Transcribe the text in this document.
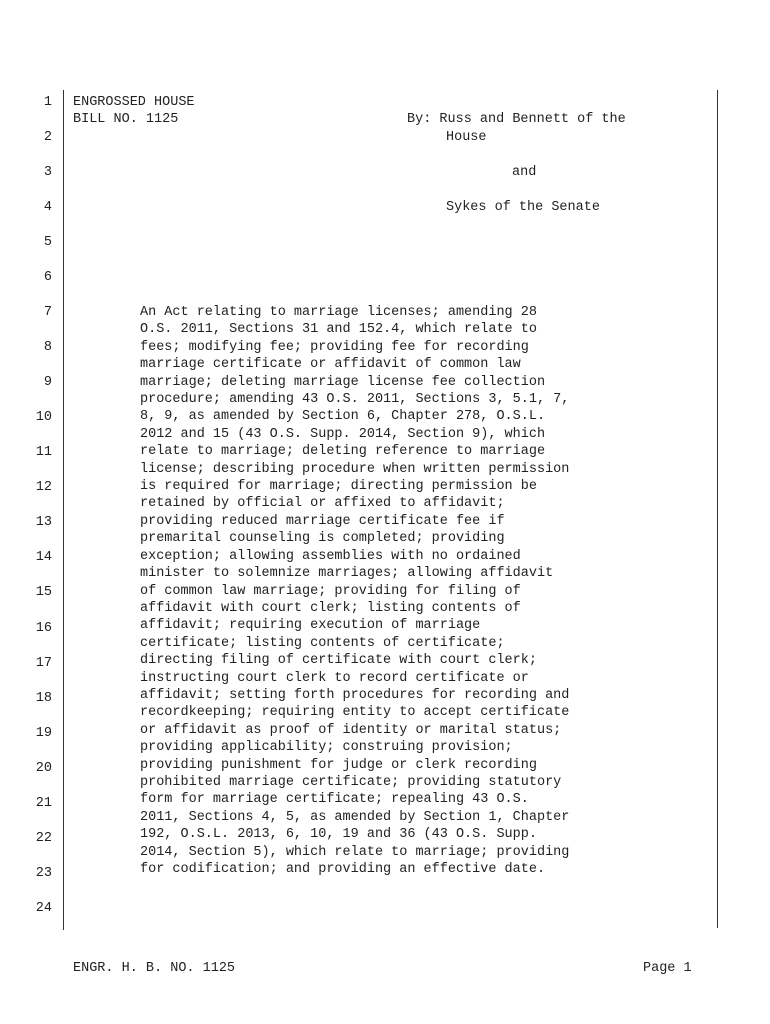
1
2
3
4
5
6
7
8
9
10
11
12
13
14
15
16
17
18
19
20
21
22
23
24
ENGROSSED HOUSE
BILL NO. 1125	By: Russ and Bennett of the
House
and
Sykes of the Senate
An Act relating to marriage licenses; amending 28
O.S. 2011, Sections 31 and 152.4, which relate to
fees; modifying fee; providing fee for recording
marriage certificate or affidavit of common law
marriage; deleting marriage license fee collection
procedure; amending 43 O.S. 2011, Sections 3, 5.1, 7,
8, 9, as amended by Section 6, Chapter 278, O.S.L.
2012 and 15 (43 O.S. Supp. 2014, Section 9), which
relate to marriage; deleting reference to marriage
license; describing procedure when written permission
is required for marriage; directing permission be
retained by official or affixed to affidavit;
providing reduced marriage certificate fee if
premarital counseling is completed; providing
exception; allowing assemblies with no ordained
minister to solemnize marriages; allowing affidavit
of common law marriage; providing for filing of
affidavit with court clerk; listing contents of
affidavit; requiring execution of marriage
certificate; listing contents of certificate;
directing filing of certificate with court clerk;
instructing court clerk to record certificate or
affidavit; setting forth procedures for recording and
recordkeeping; requiring entity to accept certificate
or affidavit as proof of identity or marital status;
providing applicability; construing provision;
providing punishment for judge or clerk recording
prohibited marriage certificate; providing statutory
form for marriage certificate; repealing 43 O.S.
2011, Sections 4, 5, as amended by Section 1, Chapter
192, O.S.L. 2013, 6, 10, 19 and 36 (43 O.S. Supp.
2014, Section 5), which relate to marriage; providing
for codification; and providing an effective date.
ENGR. H. B. NO. 1125	Page 1
